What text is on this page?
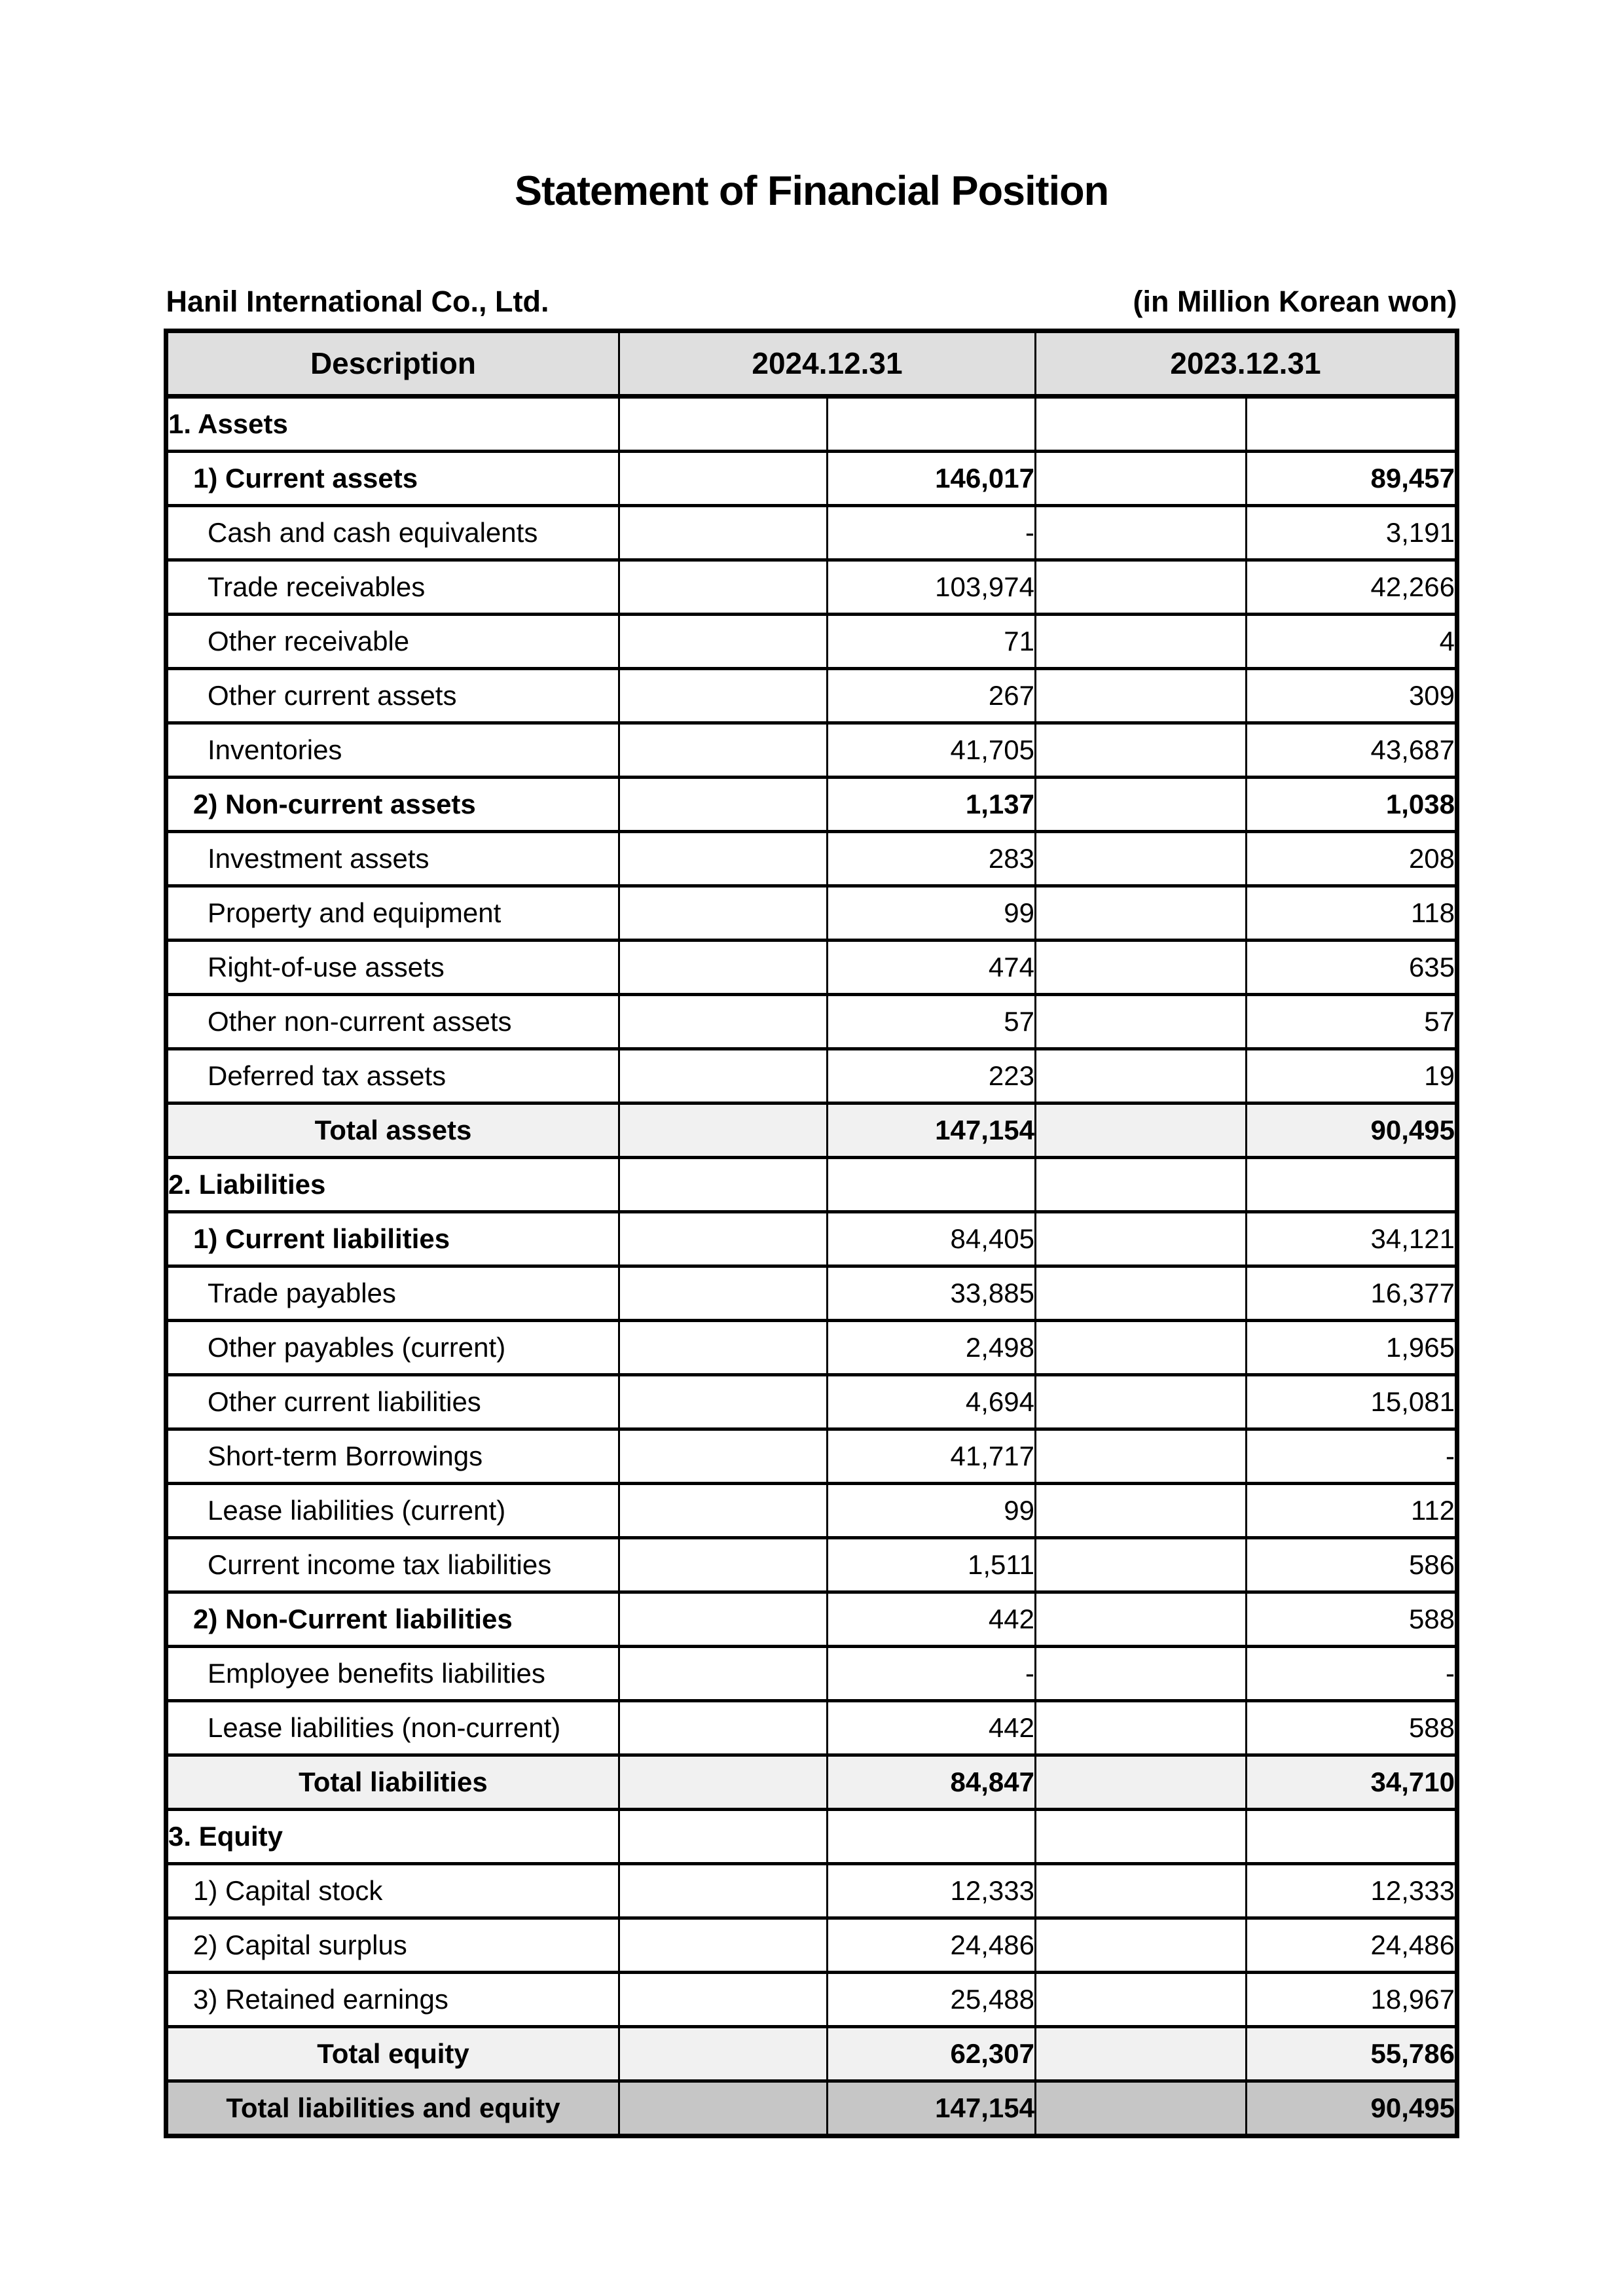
Statement of Financial Position
Hanil International Co., Ltd.	(in Million Korean won)
Description	2024.12.31		2023.12.31	
1. Assets				
1) Current assets		146,017		89,457
Cash and cash equivalents		-		3,191
Trade receivables		103,974		42,266
Other receivable		71		4
Other current assets		267		309
Inventories		41,705		43,687
2) Non-current assets		1,137		1,038
Investment assets		283		208
Property and equipment		99		118
Right-of-use assets		474		635
Other non-current assets		57		57
Deferred tax assets		223		19
Total assets		147,154		90,495
2. Liabilities				
1) Current liabilities		84,405		34,121
Trade payables		33,885		16,377
Other payables (current)		2,498		1,965
Other current liabilities		4,694		15,081
Short-term Borrowings		41,717		-
Lease liabilities (current)		99		112
Current income tax liabilities		1,511		586
2) Non-Current liabilities		442		588
Employee benefits liabilities		-		-
Lease liabilities (non-current)		442		588
Total liabilities		84,847		34,710
3. Equity				
1) Capital stock		12,333		12,333
2) Capital surplus		24,486		24,486
3) Retained earnings		25,488		18,967
Total equity		62,307		55,786
Total liabilities and equity		147,154		90,495
